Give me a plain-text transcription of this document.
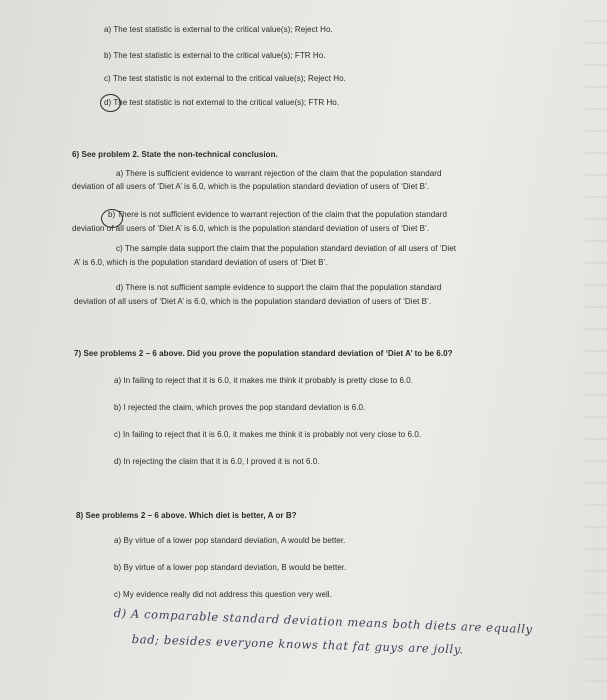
a) The test statistic is external to the critical value(s); Reject Ho.
b) The test statistic is external to the critical value(s); FTR Ho.
c) The test statistic is not external to the critical value(s); Reject Ho.
d) The test statistic is not external to the critical value(s); FTR Ho.
6) See problem 2. State the non-technical conclusion.
a) There is sufficient evidence to warrant rejection of the claim that the population standard
deviation of all users of ‘Diet A’ is 6.0, which is the population standard deviation of users of ‘Diet B’.
b) There is not sufficient evidence to warrant rejection of the claim that the population standard
deviation of all users of ‘Diet A’ is 6.0, which is the population standard deviation of users of ‘Diet B’.
c) The sample data support the claim that the population standard deviation of all users of ‘Diet
A’ is 6.0, which is the population standard deviation of users of ‘Diet B’.
d) There is not sufficient sample evidence to support the claim that the population standard
deviation of all users of ‘Diet A’ is 6.0, which is the population standard deviation of users of ‘Diet B’.
7) See problems 2 – 6 above. Did you prove the population standard deviation of ‘Diet A’ to be 6.0?
a) In failing to reject that it is 6.0, it makes me think it probably is pretty close to 6.0.
b) I rejected the claim, which proves the pop standard deviation is 6.0.
c) In failing to reject that it is 6.0, it makes me think it is probably not very close to 6.0.
d) In rejecting the claim that it is 6.0, I proved it is not 6.0.
8) See problems 2 – 6 above. Which diet is better, A or B?
a) By virtue of a lower pop standard deviation, A would be better.
b) By virtue of a lower pop standard deviation, B would be better.
c) My evidence really did not address this question very well.
d) A comparable standard deviation means both diets are equally
bad; besides everyone knows that fat guys are jolly.
